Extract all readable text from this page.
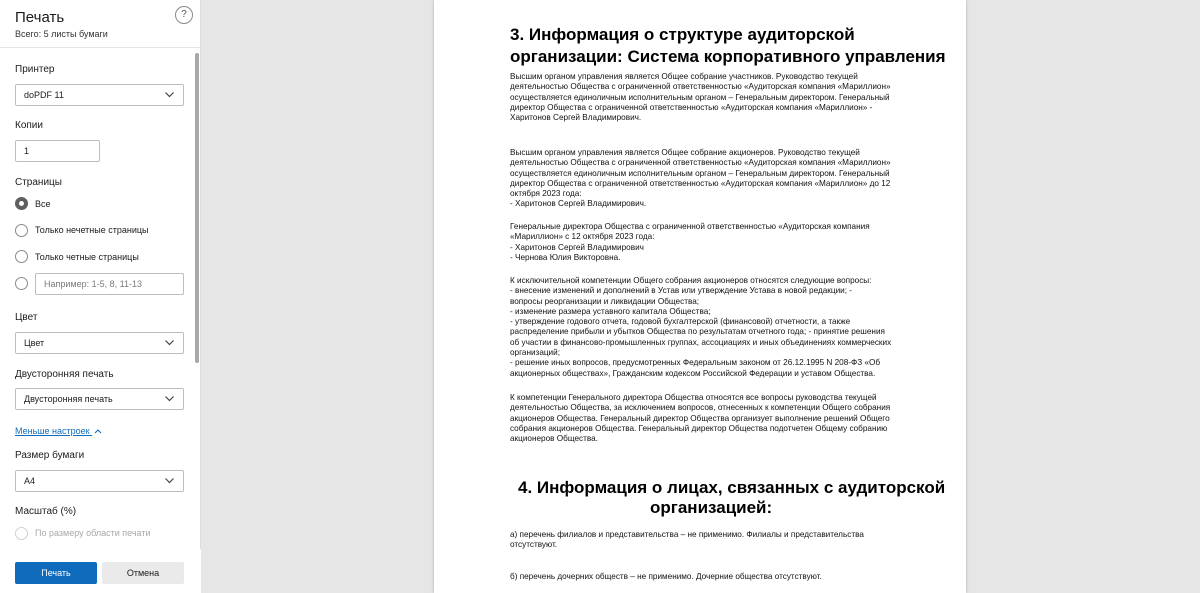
Печать
Всего: 5 листы бумаги
?
Принтер
doPDF 11
Копии
1
Страницы
Все
Только нечетные страницы
Только четные страницы
Например: 1-5, 8, 11-13
Цвет
Цвет
Двусторонняя печать
Двусторонняя печать
Меньше настроек
Размер бумаги
A4
Масштаб (%)
По размеру области печати
Печать	Отмена
3. Информация о структуре аудиторской
организации: Система корпоративного управления
Высшим органом управления является Общее собрание участников. Руководство текущей
деятельностью Общества с ограниченной ответственностью «Аудиторская компания «Мариллион»
осуществляется единоличным исполнительным органом – Генеральным директором. Генеральный
директор Общества с ограниченной ответственностью «Аудиторская компания «Мариллион» -
Харитонов Сергей Владимирович.
Высшим органом управления является Общее собрание акционеров. Руководство текущей
деятельностью Общества с ограниченной ответственностью «Аудиторская компания «Мариллион»
осуществляется единоличным исполнительным органом – Генеральным директором. Генеральный
директор Общества с ограниченной ответственностью «Аудиторская компания «Мариллион» до 12
октября 2023 года:
- Харитонов Сергей Владимирович.
Генеральные директора Общества с ограниченной ответственностью «Аудиторская компания
«Мариллион» с 12 октября 2023 года:
- Харитонов Сергей Владимирович
- Чернова Юлия Викторовна.
К исключительной компетенции Общего собрания акционеров относятся следующие вопросы:
- внесение изменений и дополнений в Устав или утверждение Устава в новой редакции; -
вопросы реорганизации и ликвидации Общества;
- изменение размера уставного капитала Общества;
- утверждение годового отчета, годовой бухгалтерской (финансовой) отчетности, а также
распределение прибыли и убытков Общества по результатам отчетного года; - принятие решения
об участии в финансово-промышленных группах, ассоциациях и иных объединениях коммерческих
организаций;
- решение иных вопросов, предусмотренных Федеральным законом от 26.12.1995 N 208-ФЗ «Об
акционерных обществах», Гражданским кодексом Российской Федерации и уставом Общества.
К компетенции Генерального директора Общества относятся все вопросы руководства текущей
деятельностью Общества, за исключением вопросов, отнесенных к компетенции Общего собрания
акционеров Общества. Генеральный директор Общества организует выполнение решений Общего
собрания акционеров Общества. Генеральный директор Общества подотчетен Общему собранию
акционеров Общества.
4. Информация о лицах, связанных с аудиторской
организацией:
а) перечень филиалов и представительства – не применимо. Филиалы и представительства
отсутствуют.
б) перечень дочерних обществ – не применимо. Дочерние общества отсутствуют.
